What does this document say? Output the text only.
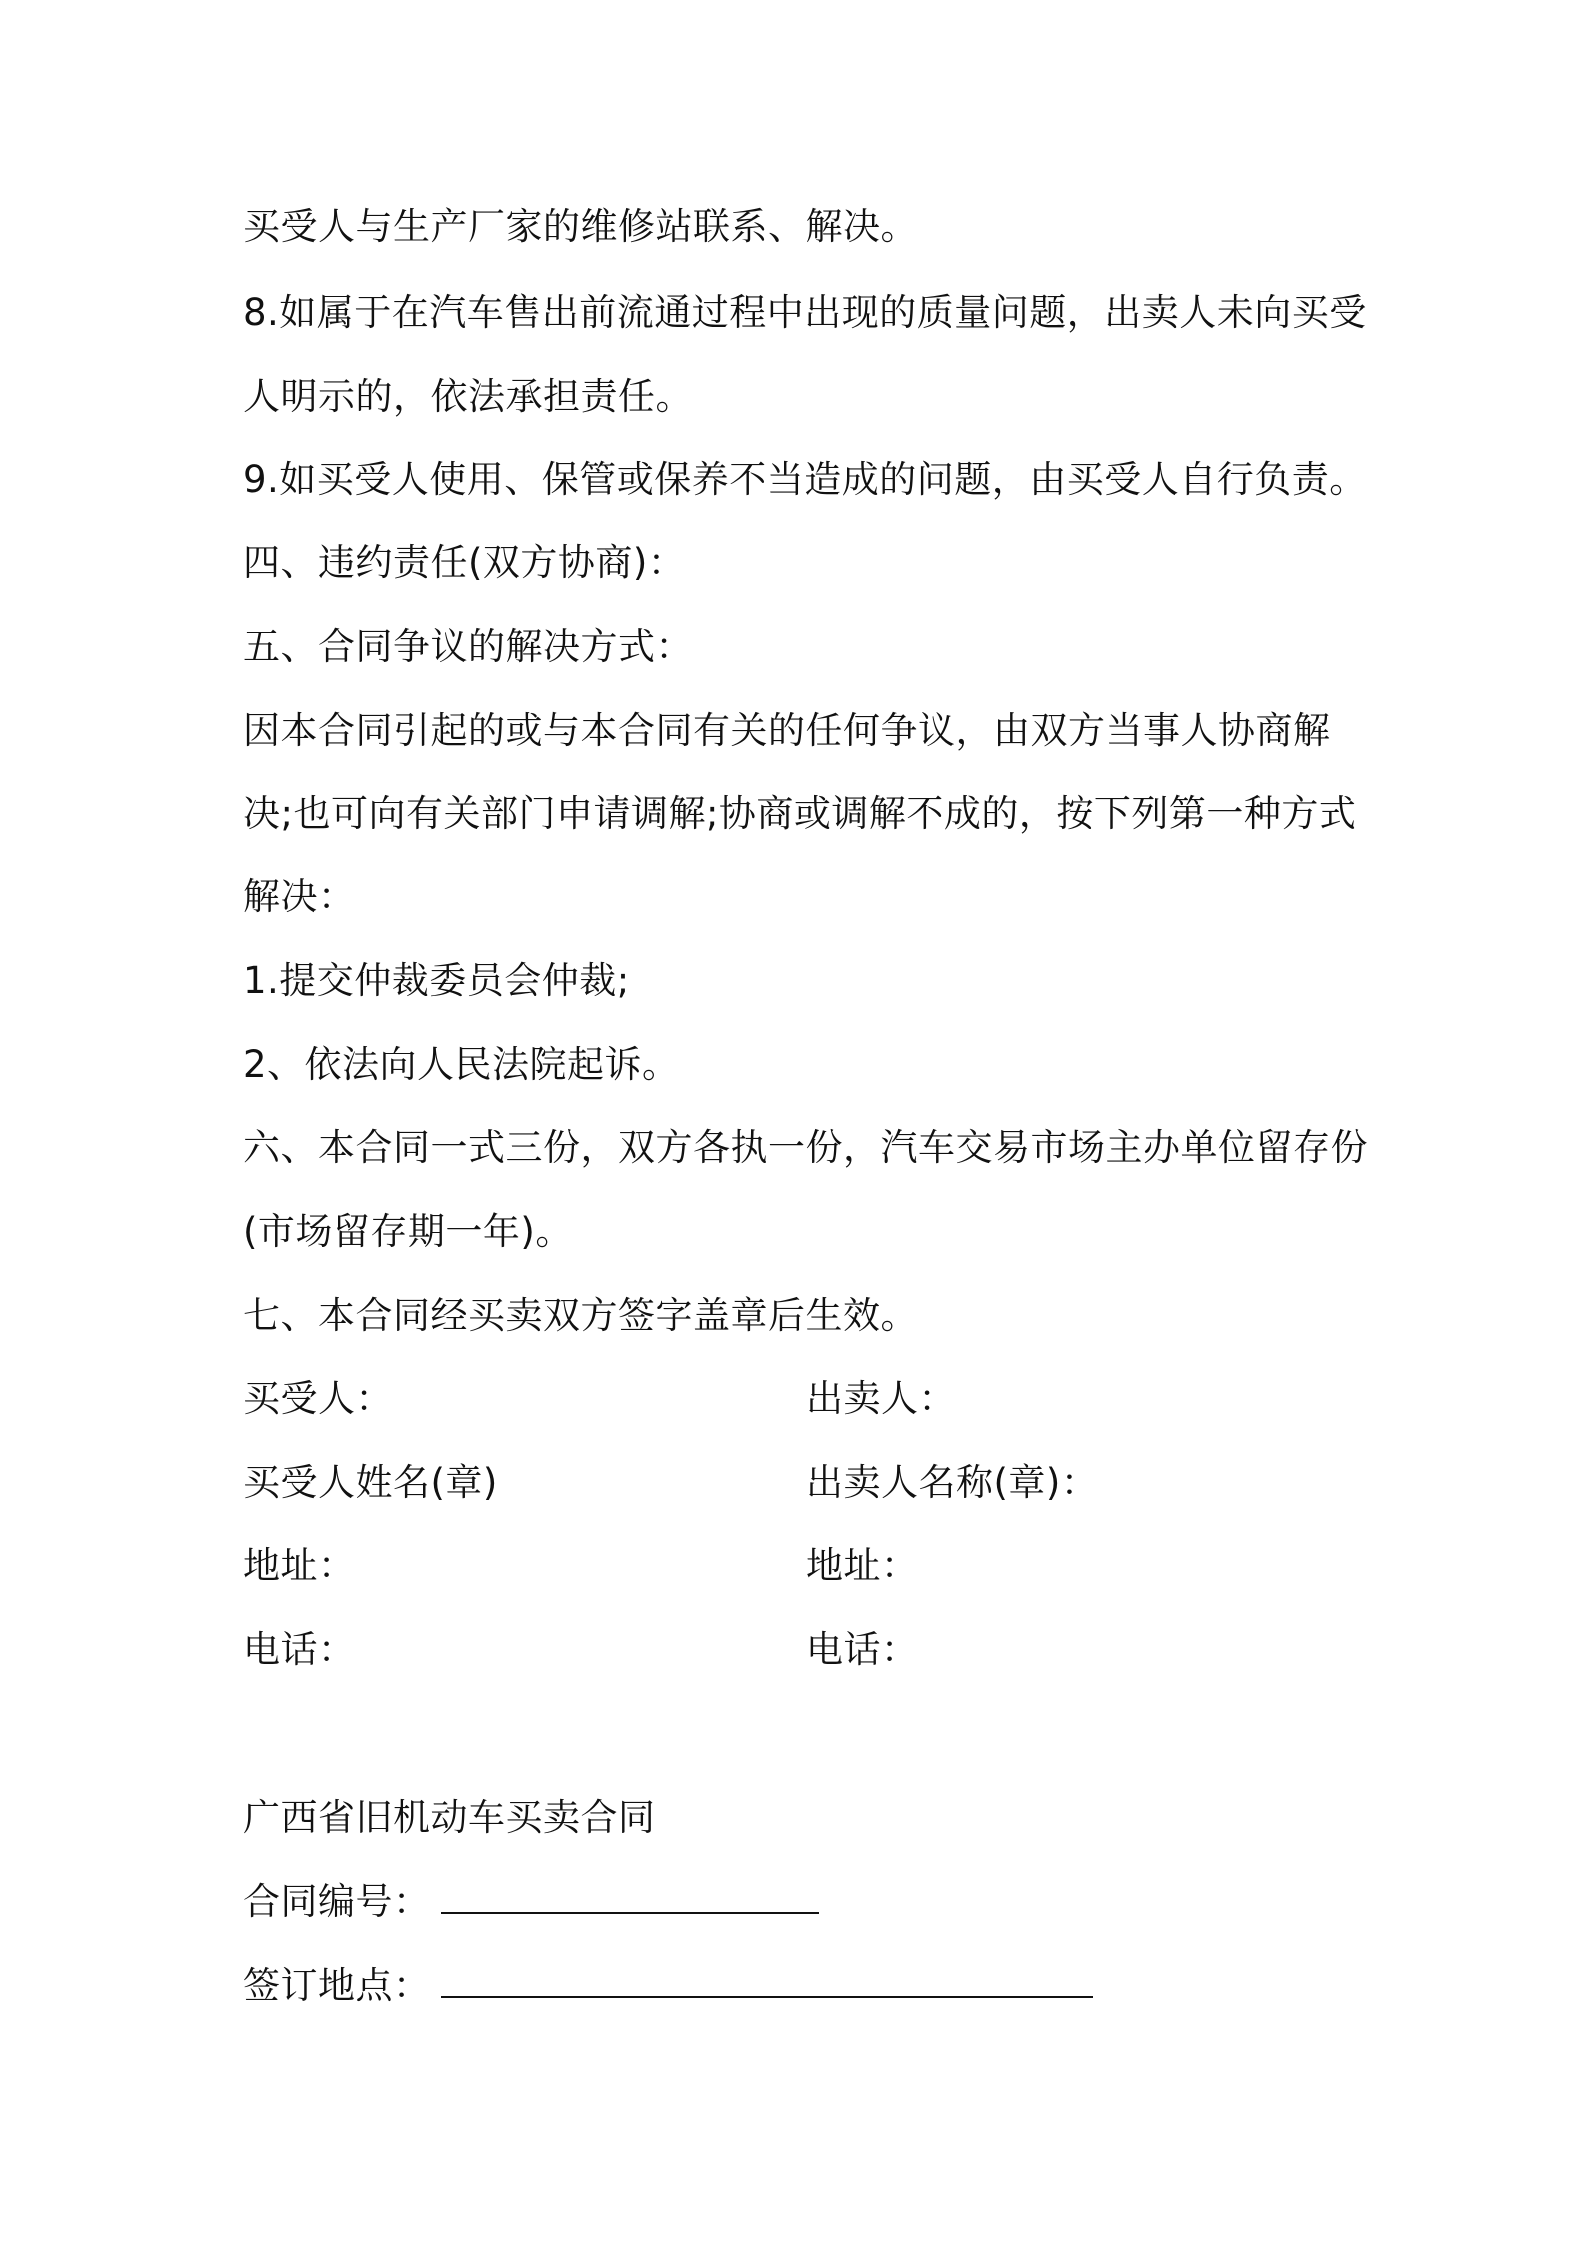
买受人与生产厂家的维修站联系、解决。
8.如属于在汽车售出前流通过程中出现的质量问题，出卖人未向买受
人明示的，依法承担责任。
9.如买受人使用、保管或保养不当造成的问题，由买受人自行负责。
四、违约责任(双方协商)：
五、合同争议的解决方式：
因本合同引起的或与本合同有关的任何争议，由双方当事人协商解
决;也可向有关部门申请调解;协商或调解不成的，按下列第一种方式
解决：
1.提交仲裁委员会仲裁;
2、依法向人民法院起诉。
六、本合同一式三份，双方各执一份，汽车交易市场主办单位留存份
(市场留存期一年)。
七、本合同经买卖双方签字盖章后生效。
买受人：	出卖人：
买受人姓名(章)	出卖人名称(章)：
地址：	地址：
电话：	电话：
广西省旧机动车买卖合同
合同编号：
签订地点：
